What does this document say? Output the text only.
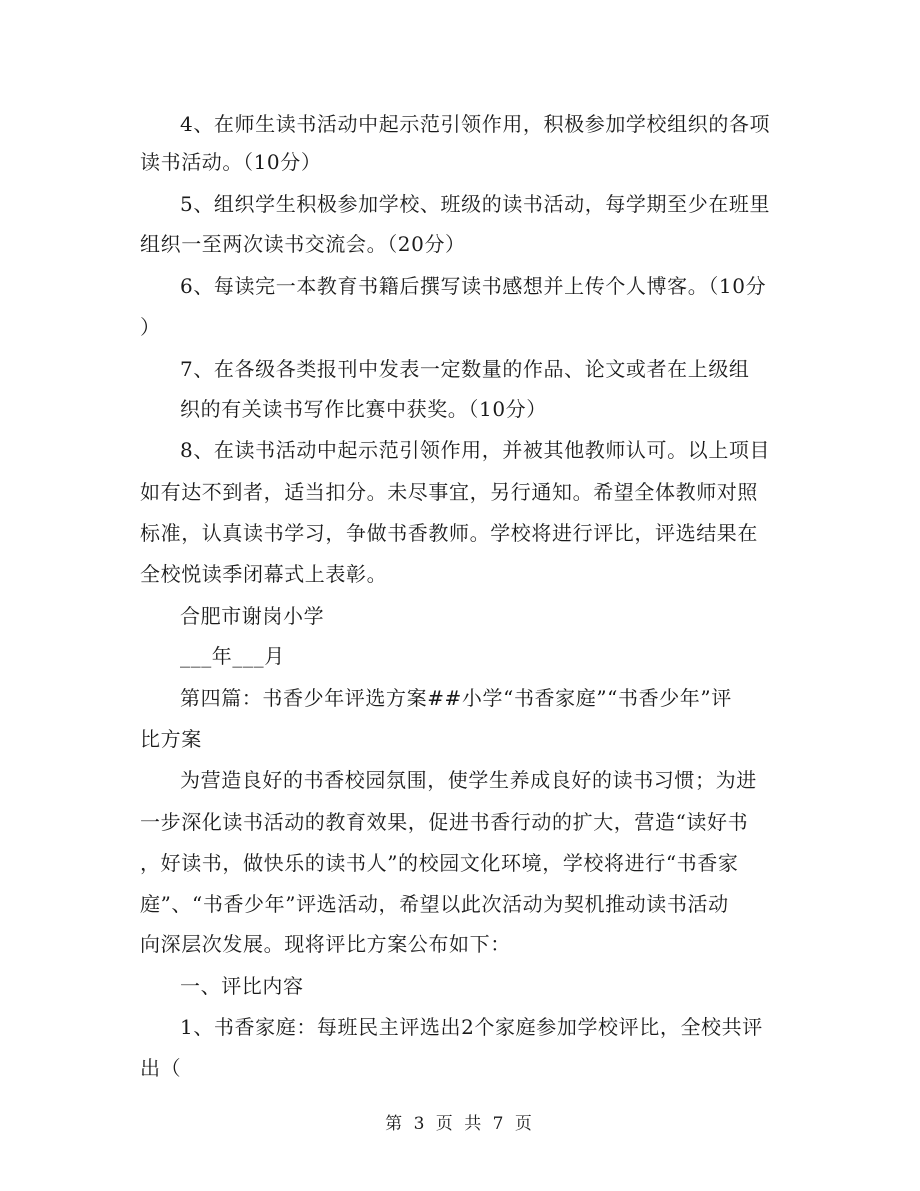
4、在师生读书活动中起示范引领作用，积极参加学校组织的各项
读书活动。（10分）
5、组织学生积极参加学校、班级的读书活动，每学期至少在班里
组织一至两次读书交流会。（20分）
6、每读完一本教育书籍后撰写读书感想并上传个人博客。（10分
）
7、在各级各类报刊中发表一定数量的作品、论文或者在上级组
织的有关读书写作比赛中获奖。（10分）
8、在读书活动中起示范引领作用，并被其他教师认可。以上项目
如有达不到者，适当扣分。未尽事宜，另行通知。希望全体教师对照
标准，认真读书学习，争做书香教师。学校将进行评比，评选结果在
全校悦读季闭幕式上表彰。
合肥市谢岗小学
___年___月
第四篇：书香少年评选方案##小学“书香家庭”“书香少年”评
比方案
为营造良好的书香校园氛围，使学生养成良好的读书习惯；为进
一步深化读书活动的教育效果，促进书香行动的扩大，营造“读好书
，好读书，做快乐的读书人”的校园文化环境，学校将进行“书香家
庭”、“书香少年”评选活动，希望以此次活动为契机推动读书活动
向深层次发展。现将评比方案公布如下：
一、评比内容
1、书香家庭：每班民主评选出2个家庭参加学校评比，全校共评
出（
第 3 页 共 7 页
